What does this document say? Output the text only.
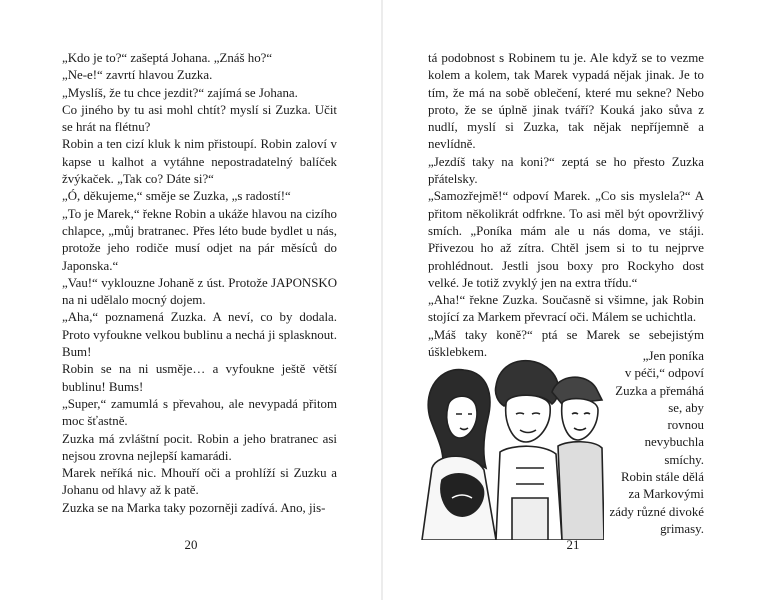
„Kdo je to?“ zašeptá Johana. „Znáš ho?“

„Ne-e!“ zavrtí hlavou Zuzka.

„Myslíš, že tu chce jezdit?“ zajímá se Johana.

Co jiného by tu asi mohl chtít? myslí si Zuzka. Učit se hrát na flétnu?

Robin a ten cizí kluk k nim přistoupí. Robin zaloví v kapse u kalhot a vytáhne nepostradatelný balíček žvýkaček. „Tak co? Dáte si?“

„Ó, děkujeme,“ směje se Zuzka, „s radostí!“

„To je Marek,“ řekne Robin a ukáže hlavou na cizího chlapce, „můj bratranec. Přes léto bude bydlet u nás, protože jeho rodiče musí odjet na pár měsíců do Japonska.“

„Vau!“ vyklouzne Johaně z úst. Protože JAPONSKO na ni udělalo mocný dojem.

„Aha,“ poznamená Zuzka. A neví, co by dodala. Proto vyfoukne velkou bublinu a nechá ji splasknout. Bum!

Robin se na ni usměje… a vyfoukne ještě větší bublinu! Bums!

„Super,“ zamumlá s převahou, ale nevypadá přitom moc šťastně.

Zuzka má zvláštní pocit. Robin a jeho bratranec asi nejsou zrovna nejlepší kamarádi.

Marek neříká nic. Mhouří oči a prohlíží si Zuzku a Johanu od hlavy až k patě.

Zuzka se na Marka taky pozorněji zadívá. Ano, jis-

20

tá podobnost s Robinem tu je. Ale když se to vezme kolem a kolem, tak Marek vypadá nějak jinak. Je to tím, že má na sobě oblečení, které mu sekne? Nebo proto, že se úplně jinak tváří? Kouká jako sůva z nudlí, myslí si Zuzka, tak nějak nepříjemně a nevlídně.

„Jezdíš taky na koni?“ zeptá se ho přesto Zuzka přátelsky.

„Samozřejmě!“ odpoví Marek. „Co sis myslela?“ A přitom několikrát odfrkne. To asi měl být opovržlivý smích. „Poníka mám ale u nás doma, ve stáji. Přivezou ho až zítra. Chtěl jsem si to tu nejprve prohlédnout. Jestli jsou boxy pro Rockyho dost velké. Je totiž zvyklý jen na extra třídu.“

„Aha!“ řekne Zuzka. Současně si všimne, jak Robin stojící za Markem převrací oči. Málem se uchichtla.

„Máš taky koně?“ ptá se Marek se sebejistým úšklebkem.	„Jen poníka

v péči,“ odpoví

Zuzka a přemáhá se, aby

rovnou nevybuchla smíchy.

Robin stále dělá

za Markovými

zády různé divoké grimasy.

21
